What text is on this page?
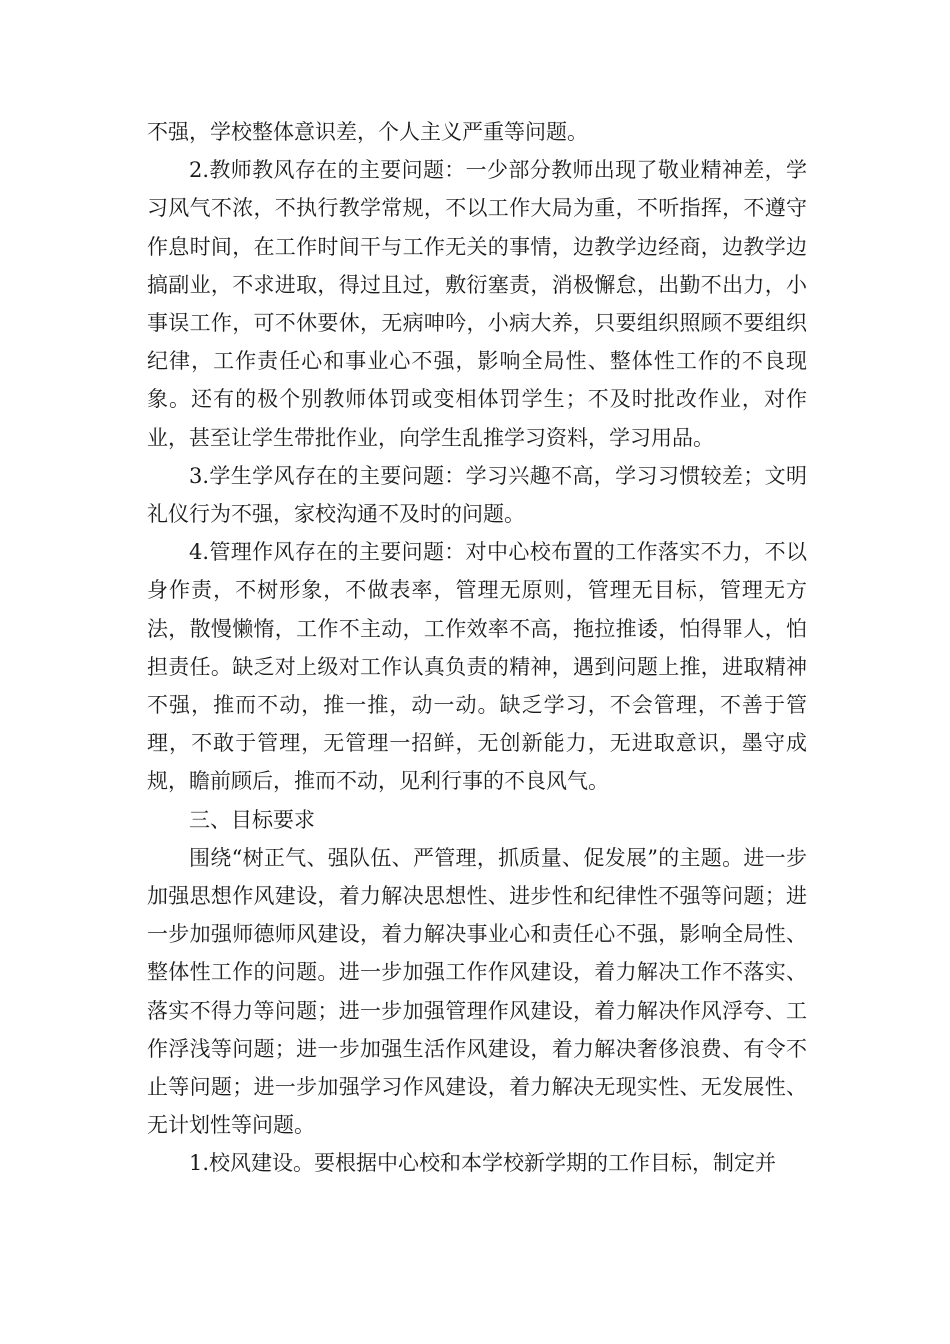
不强，学校整体意识差，个人主义严重等问题。

2.教师教风存在的主要问题：一少部分教师出现了敬业精神差，学习风气不浓，不执行教学常规，不以工作大局为重，不听指挥，不遵守作息时间，在工作时间干与工作无关的事情，边教学边经商，边教学边搞副业，不求进取，得过且过，敷衍塞责，消极懈怠，出勤不出力，小事误工作，可不休要休，无病呻吟，小病大养，只要组织照顾不要组织纪律，工作责任心和事业心不强，影响全局性、整体性工作的不良现象。还有的极个别教师体罚或变相体罚学生；不及时批改作业，对作业，甚至让学生带批作业，向学生乱推学习资料，学习用品。

3.学生学风存在的主要问题：学习兴趣不高，学习习惯较差；文明礼仪行为不强，家校沟通不及时的问题。

4.管理作风存在的主要问题：对中心校布置的工作落实不力，不以身作责，不树形象，不做表率，管理无原则，管理无目标，管理无方法，散慢懒惰，工作不主动，工作效率不高，拖拉推诿，怕得罪人，怕担责任。缺乏对上级对工作认真负责的精神，遇到问题上推，进取精神不强，推而不动，推一推，动一动。缺乏学习，不会管理，不善于管理，不敢于管理，无管理一招鲜，无创新能力，无进取意识，墨守成规，瞻前顾后，推而不动，见利行事的不良风气。

三、目标要求

围绕“树正气、强队伍、严管理，抓质量、促发展”的主题。进一步加强思想作风建设，着力解决思想性、进步性和纪律性不强等问题；进一步加强师德师风建设，着力解决事业心和责任心不强，影响全局性、整体性工作的问题。进一步加强工作作风建设，着力解决工作不落实、落实不得力等问题；进一步加强管理作风建设，着力解决作风浮夸、工作浮浅等问题；进一步加强生活作风建设，着力解决奢侈浪费、有令不止等问题；进一步加强学习作风建设，着力解决无现实性、无发展性、无计划性等问题。

1.校风建设。要根据中心校和本学校新学期的工作目标，制定并
